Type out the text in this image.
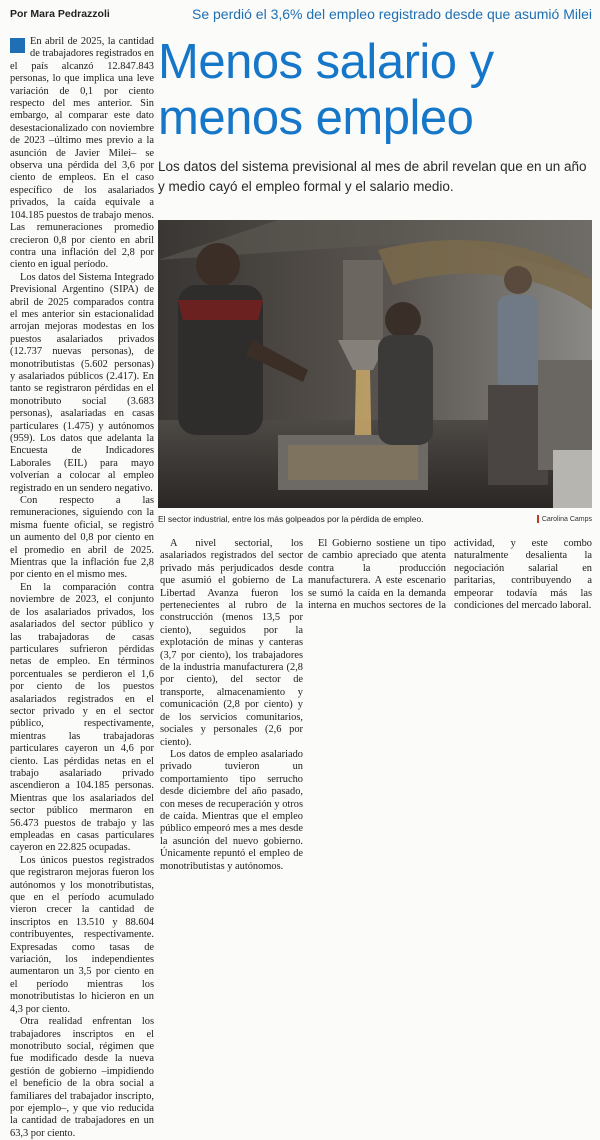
Por Mara Pedrazzoli	Se perdió el 3,6% del empleo registrado desde que asumió Milei
Menos salario y menos empleo
Los datos del sistema previsional al mes de abril revelan que en un año y medio cayó el empleo formal y el salario medio.
El sector industrial, entre los más golpeados por la pérdida de empleo.	Carolina Camps

En abril de 2025, la cantidad de trabajadores registrados en el país alcanzó 12.847.843 personas, lo que implica una leve variación de 0,1 por ciento respecto del mes anterior. Sin embargo, al comparar este dato desestacionalizado con noviembre de 2023 –último mes previo a la asunción de Javier Milei– se observa una pérdida del 3,6 por ciento de empleos. En el caso específico de los asalariados privados, la caída equivale a 104.185 puestos de trabajo menos. Las remuneraciones promedio crecieron 0,8 por ciento en abril contra una inflación del 2,8 por ciento en igual período.

Los datos del Sistema Integrado Previsional Argentino (SIPA) de abril de 2025 comparados contra el mes anterior sin estacionalidad arrojan mejoras modestas en los puestos asalariados privados (12.737 nuevas personas), de monotributistas (5.602 personas) y asalariados públicos (2.417). En tanto se registraron pérdidas en el monotributo social (3.683 personas), asalariadas en casas particulares (1.475) y autónomos (959). Los datos que adelanta la Encuesta de Indicadores Laborales (EIL) para mayo volverían a colocar al empleo registrado en un sendero negativo.

Con respecto a las remuneraciones, siguiendo con la misma fuente oficial, se registró un aumento del 0,8 por ciento en el promedio en abril de 2025. Mientras que la inflación fue 2,8 por ciento en el mismo mes.

En la comparación contra noviembre de 2023, el conjunto de los asalariados privados, los asalariados del sector público y las trabajadoras de casas particulares sufrieron pérdidas netas de empleo. En términos porcentuales se perdieron el 1,6 por ciento de los puestos asalariados registrados en el sector privado y en el sector público, respectivamente, mientras las trabajadoras particulares cayeron un 4,6 por ciento. Las pérdidas netas en el trabajo asalariado privado ascendieron a 104.185 personas. Mientras que los asalariados del sector público mermaron en 56.473 puestos de trabajo y las empleadas en casas particulares cayeron en 22.825 ocupadas.

Los únicos puestos registrados que registraron mejoras fueron los autónomos y los monotributistas, que en el período acumulado vieron crecer la cantidad de inscriptos en 13.510 y 88.604 contribuyentes, respectivamente. Expresadas como tasas de variación, los independientes aumentaron un 3,5 por ciento en el período mientras los monotributistas lo hicieron en un 4,3 por ciento.

Otra realidad enfrentan los trabajadores inscriptos en el monotributo social, régimen que fue modificado desde la nueva gestión de gobierno –impidiendo el beneficio de la obra social a familiares del trabajador inscripto, por ejemplo–, y que vio reducida la cantidad de trabajadores en un 63,3 por ciento.

A nivel sectorial, los asalariados registrados del sector privado más perjudicados desde que asumió el gobierno de La Libertad Avanza fueron los pertenecientes al rubro de la construcción (menos 13,5 por ciento), seguidos por la explotación de minas y canteras (3,7 por ciento), los trabajadores de la industria manufacturera (2,8 por ciento), del sector de transporte, almacenamiento y comunicación (2,8 por ciento) y de los servicios comunitarios, sociales y personales (2,6 por ciento).

Los datos de empleo asalariado privado tuvieron un comportamiento tipo serrucho desde diciembre del año pasado, con meses de recuperación y otros de caída. Mientras que el empleo público empeoró mes a mes desde la asunción del nuevo gobierno. Únicamente repuntó el empleo de monotributistas y autónomos.

El Gobierno sostiene un tipo de cambio apreciado que atenta contra la producción manufacturera. A este escenario se sumó la caída en la demanda interna en muchos sectores de la actividad, y este combo naturalmente desalienta la negociación salarial en paritarias, contribuyendo a empeorar todavía más las condiciones del mercado laboral.
